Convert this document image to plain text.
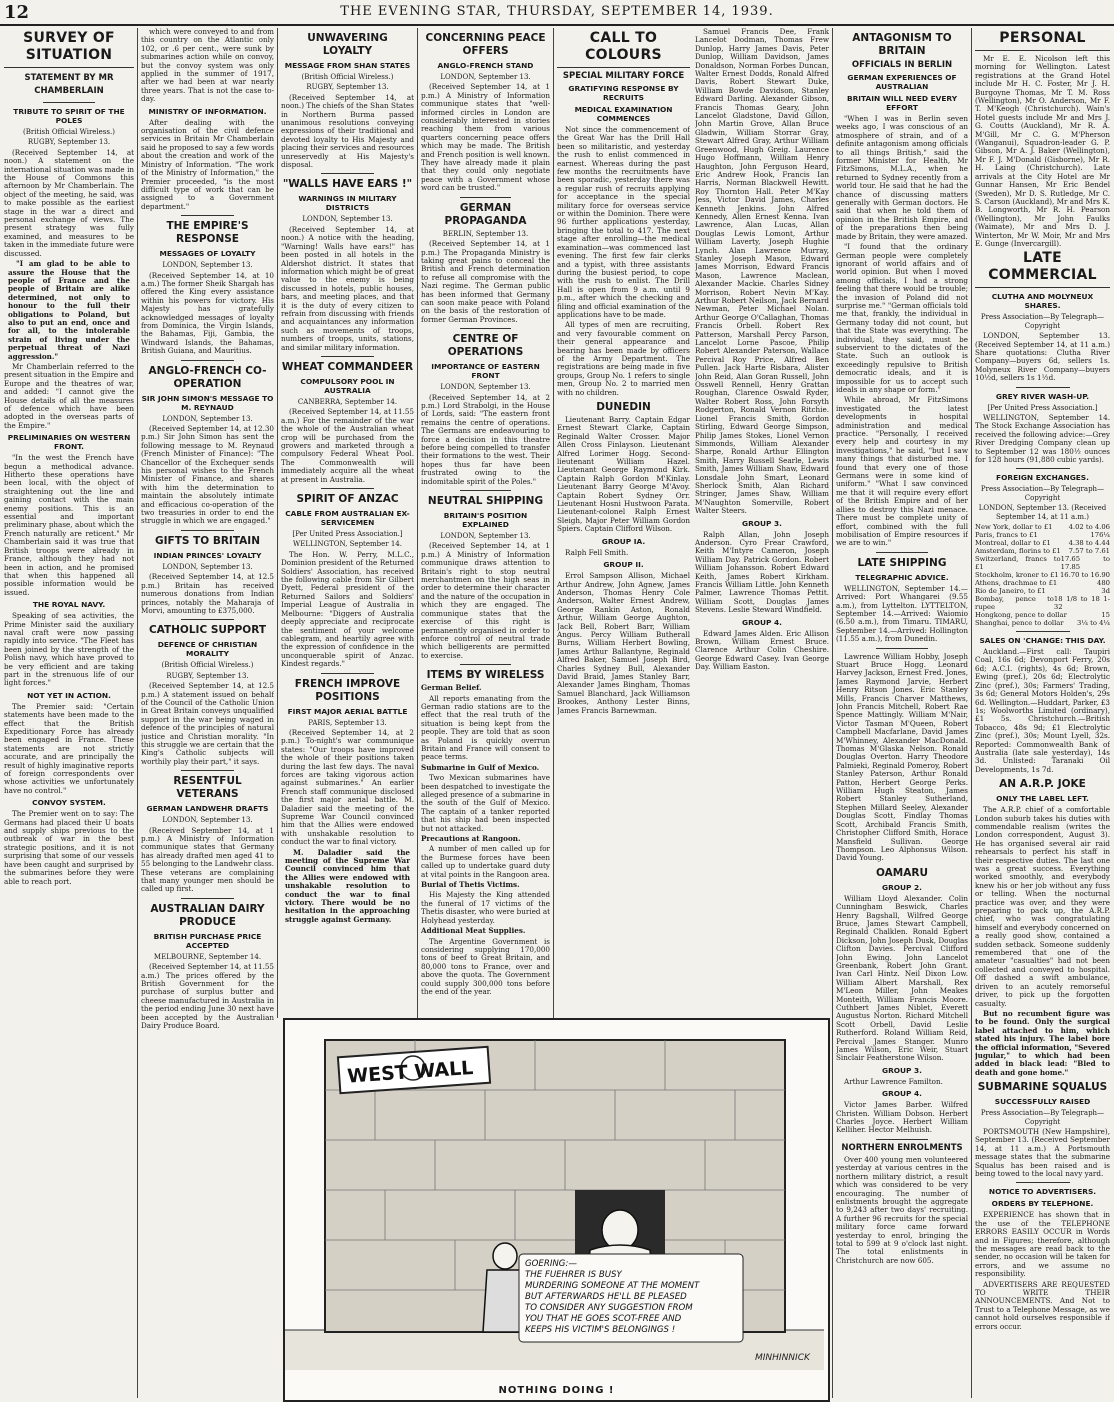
12	THE EVENING STAR, THURSDAY, SEPTEMBER 14, 1939.
SURVEY OF SITUATION
STATEMENT BY MR CHAMBERLAIN
TRIBUTE TO SPIRIT OF THE POLES
(British Official Wireless.)
RUGBY, September 13.

(Received September 14, at noon.) A statement on the international situation was made in the House of Commons this afternoon by Mr Chamberlain. The object of the meeting, he said, was to make possible as the earliest stage in the war a direct and personal exchange of views. The present strategy was fully examined, and measures to be taken in the immediate future were discussed.

"I am glad to be able to assure the House that the people of France and the people of Britain are alike determined, not only to honour to the full their obligations to Poland, but also to put an end, once and for all, to the intolerable strain of living under the perpetual threat of Nazi aggression."

Mr Chamberlain referred to the present situation in the Empire and Europe and the theatres of war, and added: "I cannot give the House details of all the measures of defence which have been adopted in the overseas parts of the Empire."

PRELIMINARIES ON WESTERN FRONT.

"In the west the French have begun a methodical advance. Hitherto these operations have been local, with the object of straightening out the line and gaining contact with the main enemy positions. This is an essential and important preliminary phase, about which the French naturally are reticent." Mr Chamberlain said it was true that British troops were already in France, although they had not been in action, and he promised that when this happened all possible information would be issued.

THE ROYAL NAVY.

Speaking of sea activities, the Prime Minister said the auxiliary naval craft were now passing rapidly into service. "The Fleet has been joined by the strength of the Polish navy, which have proved to be very efficient and are taking part in the strenuous life of our light forces."

NOT YET IN ACTION.

The Premier said: "Certain statements have been made to the effect that the British Expeditionary Force has already been engaged in France. These statements are not strictly accurate, and are principally the result of highly imaginative reports of foreign correspondents over whose activities we unfortunately have no control."

CONVOY SYSTEM.

The Premier went on to say: The Germans had placed their U boats and supply ships previous to the outbreak of war in the best strategic positions, and it is not surprising that some of our vessels have been caught and surprised by the submarines before they were able to reach port.

which were conveyed to and from this country on the Atlantic only 102, or .6 per cent., were sunk by submarines action while on convoy, but the convoy system was only applied in the summer of 1917, after we had been at war nearly three years. That is not the case to-day.

MINISTRY OF INFORMATION.

After dealing with the organisation of the civil defence services in Britain Mr Chamberlain said he proposed to say a few words about the creation and work of the Ministry of Information. "The work of the Ministry of Information," the Premier proceeded, "is the most difficult type of work that can be assigned to a Government department."

THE EMPIRE'S RESPONSE
MESSAGES OF LOYALTY
LONDON, September 13.

(Received September 14, at 10 a.m.) The former Sheik Shargah has offered the King every assistance within his powers for victory. His Majesty has gratefully acknowledged messages of loyalty from Dominica, the Virgin Islands, the Bahamas, Fiji, Gambia, the Windward Islands, the Bahamas, British Guiana, and Mauritius.

ANGLO-FRENCH CO-OPERATION
SIR JOHN SIMON'S MESSAGE TO M. REYNAUD
LONDON, September 13.

(Received September 14, at 12.30 p.m.) Sir John Simon has sent the following message to M. Reynaud (French Minister of Finance): "The Chancellor of the Exchequer sends his personal wishes to the French Minister of Finance, and shares with him the determination to maintain the absolutely intimate and efficacious co-operation of the two treasuries in order to end the struggle in which we are engaged."

GIFTS TO BRITAIN
INDIAN PRINCES' LOYALTY
LONDON, September 13.

(Received September 14, at 12.5 p.m.) Britain has received numerous donations from Indian princes, notably the Maharaja of Morvi, amounting to £375,000.

CATHOLIC SUPPORT
DEFENCE OF CHRISTIAN MORALITY
(British Official Wireless.)
RUGBY, September 13.

(Received September 14, at 12.5 p.m.) A statement issued on behalf of the Council of the Catholic Union in Great Britain conveys unqualified support in the war being waged in defence of the principles of natural justice and Christian morality. "In this struggle we are certain that the King's Catholic subjects will worthily play their part," it says.

RESENTFUL VETERANS
GERMAN LANDWEHR DRAFTS
LONDON, September 13.

(Received September 14, at 1 p.m.) A Ministry of Information communique states that Germany has already drafted men aged 41 to 55 belonging to the Landwehr class. These veterans are complaining that many younger men should be called up first.

AUSTRALIAN DAIRY PRODUCE
BRITISH PURCHASE PRICE ACCEPTED
MELBOURNE, September 14.

(Received September 14, at 11.55 a.m.) The prices offered by the British Government for the purchase of surplus butter and cheese manufactured in Australia in the period ending June 30 next have been accepted by the Australian Dairy Produce Board.

UNWAVERING LOYALTY
MESSAGE FROM SHAN STATES
(British Official Wireless.)
RUGBY, September 13.

(Received September 14, at noon.) The chiefs of the Shan States in Northern Burma passed unanimous resolutions conveying expressions of their traditional and devoted loyalty to His Majesty and placing their services and resources unreservedly at His Majesty's disposal.

"WALLS HAVE EARS !"
WARNINGS IN MILITARY DISTRICTS
LONDON, September 13.

(Received September 14, at noon.) A notice with the heading, "Warning! Walls have ears!" has been posted in all hotels in the Aldershot district. It states that information which might be of great value to the enemy is being discussed in hotels, public houses, bars, and meeting places, and that it is the duty of every citizen to refrain from discussing with friends and acquaintances any information such as movements of troops, numbers of troops, units, stations, and similar military information.

WHEAT COMMANDEER
COMPULSORY POOL IN AUSTRALIA
CANBERRA, September 14.

(Received September 14, at 11.55 a.m.) For the remainder of the war the whole of the Australian wheat crop will be purchased from the growers and marketed through a compulsory Federal Wheat Pool. The Commonwealth will immediately acquire all the wheat at present in Australia.

SPIRIT OF ANZAC
CABLE FROM AUSTRALIAN EX-SERVICEMEN
[Per United Press Association.]
WELLINGTON, September 14.

The Hon. W. Perry, M.L.C., Dominion president of the Returned Soldiers' Association, has received the following cable from Sir Gilbert Dyett, Federal president of the Returned Sailors and Soldiers' Imperial League of Australia in Melbourne: "Diggers of Australia deeply appreciate and reciprocate the sentiment of your welcome cablegram, and heartily agree with the expression of confidence in the unconquerable spirit of Anzac. Kindest regards."

FRENCH IMPROVE POSITIONS
FIRST MAJOR AERIAL BATTLE
PARIS, September 13.

(Received September 14, at 2 p.m.) To-night's war communique states: "Our troops have improved the whole of their positions taken during the last few days. The naval forces are taking vigorous action against submarines." An earlier French staff communique disclosed the first major aerial battle. M. Daladier said the meeting of the Supreme War Council convinced him that the Allies were endowed with unshakable resolution to conduct the war to final victory.

M. Daladier said the meeting of the Supreme War Council convinced him that the Allies were endowed with unshakable resolution to conduct the war to final victory. There would be no hesitation in the approaching struggle against Germany.

CONCERNING PEACE OFFERS
ANGLO-FRENCH STAND
LONDON, September 13.

(Received September 14, at 1 p.m.) A Ministry of Information communique states that "well-informed circles in London are considerably interested in stories reaching them from various quarters concerning peace offers which may be made. The British and French position is well known. They have already made it plain that they could only negotiate peace with a Government whose word can be trusted."

GERMAN PROPAGANDA
BERLIN, September 13.

(Received September 14, at 1 p.m.) The Propaganda Ministry is taking great pains to conceal the British and French determination to refuse all compromise with the Nazi regime. The German public has been informed that Germany can soon make peace with Poland on the basis of the restoration of former German Provinces.

CENTRE OF OPERATIONS
IMPORTANCE OF EASTERN FRONT
LONDON, September 13.

(Received September 14, at 2 p.m.) Lord Strabolgi, in the House of Lords, said: "The eastern front remains the centre of operations. The Germans are endeavouring to force a decision in this theatre before being compelled to transfer their formations to the west. Their hopes thus far have been frustrated owing to the indomitable spirit of the Poles."

NEUTRAL SHIPPING
BRITAIN'S POSITION EXPLAINED
LONDON, September 13.

(Received September 14, at 1 p.m.) A Ministry of Information communique draws attention to Britain's right to stop neutral merchantmen on the high seas in order to determine their character and the nature of the occupation in which they are engaged. The communique states that the exercise of this right is permanently organised in order to enforce control of neutral trade which belligerents are permitted to exercise.

ITEMS BY WIRELESS

German Belief.

All reports emanating from the German radio stations are to the effect that the real truth of the situation is being kept from the people. They are told that as soon as Poland is quickly overrun Britain and France will consent to peace terms.

Submarine in Gulf of Mexico.

Two Mexican submarines have been despatched to investigate the alleged presence of a submarine in the south of the Gulf of Mexico. The captain of a tanker reported that his ship had been inspected but not attacked.

Precautions at Rangoon.

A number of men called up for the Burmese forces have been called up to undertake guard duty at vital points in the Rangoon area.

Burial of Thetis Victims.

His Majesty the King attended the funeral of 17 victims of the Thetis disaster, who were buried at Holyhead yesterday.

Additional Meat Supplies.

The Argentine Government is considering supplying 170,000 tons of beef to Great Britain, and 80,000 tons to France, over and above the quota. The Government could supply 300,000 tons before the end of the year.

CALL TO COLOURS
SPECIAL MILITARY FORCE
GRATIFYING RESPONSE BY RECRUITS
MEDICAL EXAMINATION COMMENCES

Not since the commencement of the Great War has the Drill Hall been so militaristic, and yesterday the rush to enlist commenced in earnest. Whereas during the past few months the recruitments have been sporadic, yesterday there was a regular rush of recruits applying for acceptance in the special military force for overseas service or within the Dominion. There were 96 further applications yesterday, bringing the total to 417. The next stage after enrolling—the medical examination—was commenced last evening. The first few fair clerks and a typist, with three assistants during the busiest period, to cope with the rush to enlist. The Drill Hall is open from 9 a.m. until 9 p.m., after which the checking and filing and official examination of the applications have to be made.

All types of men are recruiting, and very favourable comment on their general appearance and bearing has been made by officers of the Army Department. The registrations are being made in five groups, Group No. 1 refers to single men, Group No. 2 to married men with no children.

DUNEDIN

Lieutenant Barry. Captain Edgar Ernest Stewart Clarke, Captain Reginald Walter Crosser. Major Allen Cross Finlayson. Lieutenant Alfred Lorimer Hogg. Second-lieutenant William Hazel. Lieutenant George Raymond Kirk. Captain Ralph Gordon M'Kinlay. Lieutenant Barry George M'Avoy. Captain Robert Sydney Orr. Lieutenant Hosni Hustwoon Parata. Lieutenant-colonel Ralph Ernest Sleigh, Major Peter William Gordon Spiers. Captain Clifford Wilson.

GROUP IA.

Ralph Fell Smith.

GROUP II.

Errol Sampson Allison, Michael Arthur Andrew, John Agnew, James Anderson, Thomas Henry Cole Anderson, Walter Ernest Andrew, George Rankin Aston, Ronald Arthur, William George Aughton, Jack Bell, Robert Barr, William Angus. Percy William Butherall Burns, William Herbert Bowling, James Arthur Ballantyne, Reginald Alfred Baker, Samuel Joseph Bird, Charles Sydney Bull, Alexander David Braid, James Stanley Barr, Alexander James Bingham, Thomas Samuel Blanchard, Jack Williamson Brookes, Anthony Lester Binns, James Francis Barnewman.

Samuel Francis Dee, Frank Lancelot Dodman, Thomas Frew Dunlop, Harry James Davis, Peter Dunlop, William Davidson, James Donaldson, Norman Forbes Duncan, Walter Ernest Dodds, Ronald Alfred Davis, Robert Stewart Duke, William Bowde Davidson, Stanley Edward Darling. Alexander Gibson, Francis Thomas Geary, John Lancelot Gladstone, David Gillon, John Martin Grove, Allan Bruce Gladwin, William Storrar Gray, Stewart Alfred Gray, Arthur William Greenwood, Hugh Greig. Laurence Hugo Hoffmann, William Henry Haughton, John Ferguson Heard, Eric Andrew Hook, Francis Ian Harris, Norman Blackwell Hewitt. Roy Thornton Hall. Peter M'Kay Jess, Victor David James, Charles Kenneth Jenkins. John Alfred Kennedy, Allen Ernest Kenna. Ivan Lawrence, Alan Lucas, Allan Douglas Lewis Lomont, Arthur William Laverty, Joseph Hughie Lynch. Alan Lawrence Murray, Stanley Joseph Mason, Edward James Morrison, Edward Francis Mason, Lawrence Maclean, Alexander Mackie. Charles Sidney Morrison, Robert Nevin M'Kay. Arthur Robert Neilson, Jack Bernard Newman, Peter Michael Nolan. Arthur George O'Callaghan, Thomas Francis Orbell. Robert Rex Patterson, Marshall Percy Parson, Lancelot Lorne Pascoe, Philip Robert Alexander Paterson, Wallace Percival Roy Price, Alfred Ben Pullen. Jack Harte Risbara, Alister John Reid, Alan Goran Russell, John Osswell Rennell, Henry Grattan Roughan, Clarence Oswald Ryder, Walter Robert Ross, John Forsyth Rodgerton, Ronald Vernon Ritchie. Lionel Francis Smith, Gordon Stirling, Edward George Simpson, Philip James Stokes, Lionel Vernon Simmonds, William Alexander Sharpe, Ronald Arthur Ellington Smith, Harry Russell Searle, Lewis Smith, James William Shaw, Edward Lonsdale John Smart, Leonard Sherlock Smith, Alan Richard Stringer, James Shaw, William M'Naughton Somerville, Robert Walter Steers.

GROUP 3.

Ralph Allan, John Joseph Anderson. Cyro Frear Crawford, Keith M'Intyre Cameron, Joseph William Day. Patrick Gordon. Robert William Johansson. Robert Edward Keith, James Robert Kirkham. Francis William Little. John Kenneth Palmer, Lawrence Thomas Pettit. William Scott, Douglas James Stevens. Leslie Steward Windfield.

GROUP 4.

Edward James Alden. Eric Allison Brown, William Ernest Bruce. Clarence Arthur Colin Cheshire. George Edward Casey. Ivan George Day. William Easton.

ANTAGONISM TO BRITAIN
OFFICIALS IN BERLIN
GERMAN EXPERIENCES OF AUSTRALIAN
BRITAIN WILL NEED EVERY EFFORT

"When I was in Berlin seven weeks ago, I was conscious of an atmosphere of strain, and of a definite antagonism among officials to all things British," said the former Minister for Health, Mr FitzSimons, M.L.A., when he returned to Sydney recently from a world tour. He said that he had the chance of discussing matters generally with German doctors. He said that when he told them of opinion in the British Empire, and of the preparations then being made by Britain, they were amazed.

"I found that the ordinary German people were completely ignorant of world affairs and of world opinion. But when I moved among officials, I had a strong feeling that there would be trouble; the invasion of Poland did not surprise me." "German officials told me that, frankly, the individual in Germany today did not count, but that the State was everything. The individual, they said, must be subservient to the dictates of the State. Such an outlook is exceedingly repulsive to British democratic ideals, and it is impossible for us to accept such ideals in any shape or form."

While abroad, Mr FitzSimons investigated the latest developments in hospital administration and medical practice. "Personally, I received every help and courtesy in my investigations," he said, "but I saw many things that disturbed me. I found that every one of those Germans were in some kind of uniform." "What I saw convinced me that it will require every effort of the British Empire and of her allies to destroy this Nazi menace. There must be complete unity of effort, combined with the full mobilisation of Empire resources if we are to win."

LATE SHIPPING
TELEGRAPHIC ADVICE.

WELLINGTON, September 14.—Arrived: Port Whangarei (9.55 a.m.), from Lyttelton. LYTTELTON, September 14.—Arrived: Waiomio (6.50 a.m.), from Timaru. TIMARU, September 14.—Arrived: Hollington (11.55 a.m.), from Dunedin.

Lawrence William Hobby, Joseph Stuart Bruce Hogg. Leonard Harvey Jackson, Ernest Fred. Jones, James Raymond Jarvie, Herbert Henry Ritson Jones. Eric Stanley Mills, Francis Charver Matthews, John Francis Mitchell, Robert Rae Spence Mattingly. William M'Nair, Victor Tasman M'Queen, Robert Campbell Macfarlane, David James M'Whinney, Alexander MacDonald. Thomas M'Glaska Nelson. Ronald Douglas Overton. Harry Theodore Palmieki, Reginald Pomeroy, Robert Stanley Paterson, Arthur Ronald Patton, Herbert George Perks. William Hugh Steaton, James Robert Stanley Sutherland, Stephen Millard Seeley, Alexander Douglas Scott, Findlay Thomas Scott, Archibald Francis Smith, Christopher Clifford Smith, Horace Mansfield Sullivan. George Thompson. Leo Alphonsus Wilson. David Young.

OAMARU
GROUP 2.

William Lloyd Alexander. Colin Cunningham Beswick, Charles Henry Bagshall, Wilfred George Bruce, James Stewart Campbell, Reginald Chalklen. Ronald Egbert Dickson, John Joseph Dusk, Douglas Clifton Davies. Percival Clifford John Ewing. John Lancelot Greenbank, Robert John Grant. Ivan Carl Hintz. Neil Dixon Low. William Albert Marshall, Rex M'Leon Miller, John Meakes Monteith, William Francis Moore. Cuthbert James Niblet, Everett Augustus Norton. Richard Mitchell Scott Orbell, David Leslie Rutherford. Roland William Reid, Percival James Stanger. Munro James Wilson, Eric Weir, Stuart Sinclair Featherstone Wilson.

GROUP 3.

Arthur Lawrence Familton.

GROUP 4.

Victor James Barber. Wilfred Christen. William Dobson. Herbert Charles Joyce. Herbert William Kelliher. Hector Melhuish.

NORTHERN ENROLMENTS

Over 400 young men volunteered yesterday at various centres in the northern military district, a result which was considered to be very encouraging. The number of enlistments brought the aggregate to 9,243 after two days' recruiting. A further 96 recruits for the special military force came forward yesterday to enrol, bringing the total to 599 at 9 o'clock last night. The total enlistments in Christchurch are now 605.

PERSONAL

Mr E. E. Nicolson left this morning for Wellington. Latest registrations at the Grand Hotel include Mr H. C. Foster, Mr J. H. Burgoyne Thomas, Mr T. M. Ross (Wellington), Mr O. Anderson, Mr F. T. M'Keogh (Christchurch). Wain's Hotel guests include Mr and Mrs J. G. Coutts (Auckland), Mr R. A. M'Gill, Mr C. G. M'Pherson (Wanganui), Squadron-leader G. P. Gibson, Mr A. J. Baker (Wellington), Mr F. J. M'Donald (Gisborne), Mr R. H. Laing (Christchurch). Late arrivals at the City Hotel are Mr Gunnar Hansen, Mr Eric Bendel (Sweden), Mr D. S. Rutledge, Mr C. S. Carson (Auckland), Mr and Mrs K. B. Longworth, Mr R. H. Pearson (Wellington), Mr John Faulks (Waimate), Mr and Mrs D. J. Winterton, Mr W. Moir, Mr and Mrs E. Gunge (Invercargill).

LATE COMMERCIAL
CLUTHA AND MOLYNEUX SHARES.
Press Association—By Telegraph—Copyright

LONDON, September 13. (Received September 14, at 11 a.m.) Share quotations: Clutha River Company—buyers 6d, sellers 1s. Molyneux River Company—buyers 10½d, sellers 1s 1½d.

GREY RIVER WASH-UP.
[Per United Press Association.]

WELLINGTON, September 14. The Stock Exchange Association has received the following advice:—Grey River Dredging Company clean up to September 12 was 180½ ounces for 128 hours (91,880 cubic yards).

FOREIGN EXCHANGES.
Press Association—By Telegraph—Copyright
LONDON, September 13. (Received September 14, at 11 a.m.)
New York, dollar to £1 4.02 to 4.06
Paris, francs to £1	176¼
Montreal, dollar to £1	4.38 to 4.44
Amsterdam, florins to £1 7.57 to 7.61
Switzerland, francs to £1
17.65 to 17.85
Stockholm, kroner to £1 16.70 to 16.90
Athens, drachmae to £1	480
Rio de Janeiro, to £1	3d
Bombay, pence to rupee
18 1/8 to 18 1-32
Hongkong, pence to dollar	15
Shanghai, pence to dollar 3¼ to 4¼
SALES ON 'CHANGE: THIS DAY.

Auckland.—First call: Taupiri Coal, 16s 6d; Devonport Ferry, 20s 6d; A.C.I. (rights), 4s 6d; Brown, Ewing (pref.), 20s 6d; Electrolytic Zinc (pref.), 30s; Farmers' Trading, 3s 6d; General Motors Holden's, 29s 6d. Wellington.—Huddart, Parker, £3 1s; Woolworths Limited (ordinary), £1 5s. Christchurch.—British Tobacco, 48s 9d; £1 Electrolytic Zinc (pref.), 30s; Mount Lyell, 32s. Reported: Commonwealth Bank of Australia (late sale yesterday), 14s 3d. Unlisted: Taranaki Oil Developments, 1s 7d.

AN A.R.P. JOKE
ONLY THE LABEL LEFT.

The A.R.P. chief of a comfortable London suburb takes his duties with commendable realism (writes the London correspondent, August 3). He has organised several air raid rehearsals to perfect his staff in their respective duties. The last one was a great success. Everything worked smoothly, and everybody knew his or her job without any fuss or telling. When the nocturnal practice was over, and they were preparing to pack up, the A.R.P. chief, who was congratulating himself and everybody concerned on a really good show, contained a sudden setback. Someone suddenly remembered that one of the amateur "casualties" had not been collected and conveyed to hospital. Off dashed a swift ambulance, driven to an acutely remorseful driver, to pick up the forgotten casualty.

But no recumbent figure was to be found. Only the surgical label attached to him, which stated his injury. The label bore the official information, "Severed jugular," to which had been added in black lead: "Bled to death and gone home."

SUBMARINE SQUALUS
SUCCESSFULLY RAISED
Press Association—By Telegraph—Copyright

PORTSMOUTH (New Hampshire), September 13. (Received September 14, at 11 a.m.) A Portsmouth message states that the submarine Squalus has been raised and is being towed to the local navy yard.

NOTICE TO ADVERTISERS.
ORDERS BY TELEPHONE.

EXPERIENCE has shown that in the use of the TELEPHONE ERRORS EASILY OCCUR in Words and in Figures; therefore, although the messages are read back to the sender, no occasion will be taken for errors, and we assume no responsibility.

ADVERTISERS ARE REQUESTED TO WRITE THEIR ANNOUNCEMENTS. And Not to Trust to a Telephone Message, as we cannot hold ourselves responsible if errors occur.

WEST WALL
GOERING:—
THE FUEHRER IS BUSY
MURDERING SOMEONE AT THE MOMENT
BUT AFTERWARDS HE'LL BE PLEASED
TO CONSIDER ANY SUGGESTION FROM
YOU THAT HE GOES SCOT-FREE AND
KEEPS HIS VICTIM'S BELONGINGS !
MINHINNICK
NOTHING DOING !
